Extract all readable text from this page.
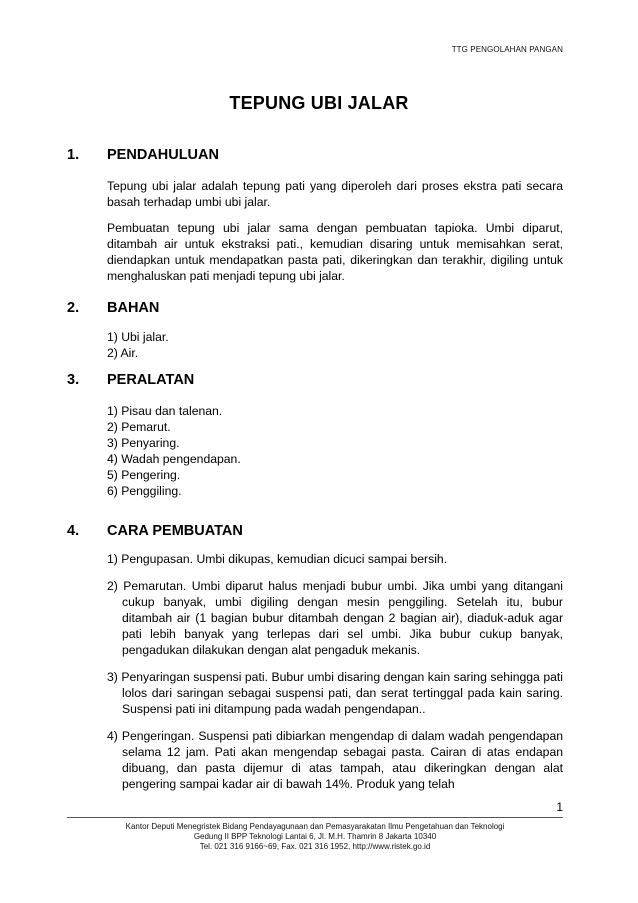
TTG PENGOLAHAN PANGAN
TEPUNG UBI JALAR
1. PENDAHULUAN

Tepung ubi jalar adalah tepung pati yang diperoleh dari proses ekstra pati secara basah terhadap umbi ubi jalar.

Pembuatan tepung ubi jalar sama dengan pembuatan tapioka. Umbi diparut, ditambah air untuk ekstraksi pati., kemudian disaring untuk memisahkan serat, diendapkan untuk mendapatkan pasta pati, dikeringkan dan terakhir, digiling untuk menghaluskan pati menjadi tepung ubi jalar.

2. BAHAN

1) Ubi jalar.

2) Air.

3. PERALATAN

1) Pisau dan talenan.

2) Pemarut.

3) Penyaring.

4) Wadah pengendapan.

5) Pengering.

6) Penggiling.

4. CARA PEMBUATAN

1) Pengupasan. Umbi dikupas, kemudian dicuci sampai bersih.

2) Pemarutan. Umbi diparut halus menjadi bubur umbi. Jika umbi yang ditangani cukup banyak, umbi digiling dengan mesin penggiling. Setelah itu, bubur ditambah air (1 bagian bubur ditambah dengan 2 bagian air), diaduk-aduk agar pati lebih banyak yang terlepas dari sel umbi. Jika bubur cukup banyak, pengadukan dilakukan dengan alat pengaduk mekanis.

3) Penyaringan suspensi pati. Bubur umbi disaring dengan kain saring sehingga pati lolos dari saringan sebagai suspensi pati, dan serat tertinggal pada kain saring. Suspensi pati ini ditampung pada wadah pengendapan..

4) Pengeringan. Suspensi pati dibiarkan mengendap di dalam wadah pengendapan selama 12 jam. Pati akan mengendap sebagai pasta. Cairan di atas endapan dibuang, dan pasta dijemur di atas tampah, atau dikeringkan dengan alat pengering sampai kadar air di bawah 14%. Produk yang telah

1
Kantor Deputi Menegristek Bidang Pendayagunaan dan Pemasyarakatan Ilmu Pengetahuan dan Teknologi
Gedung II BPP Teknologi Lantai 6, Jl. M.H. Thamrin 8 Jakarta 10340
Tel. 021 316 9166~69, Fax. 021 316 1952, http://www.ristek.go.id
